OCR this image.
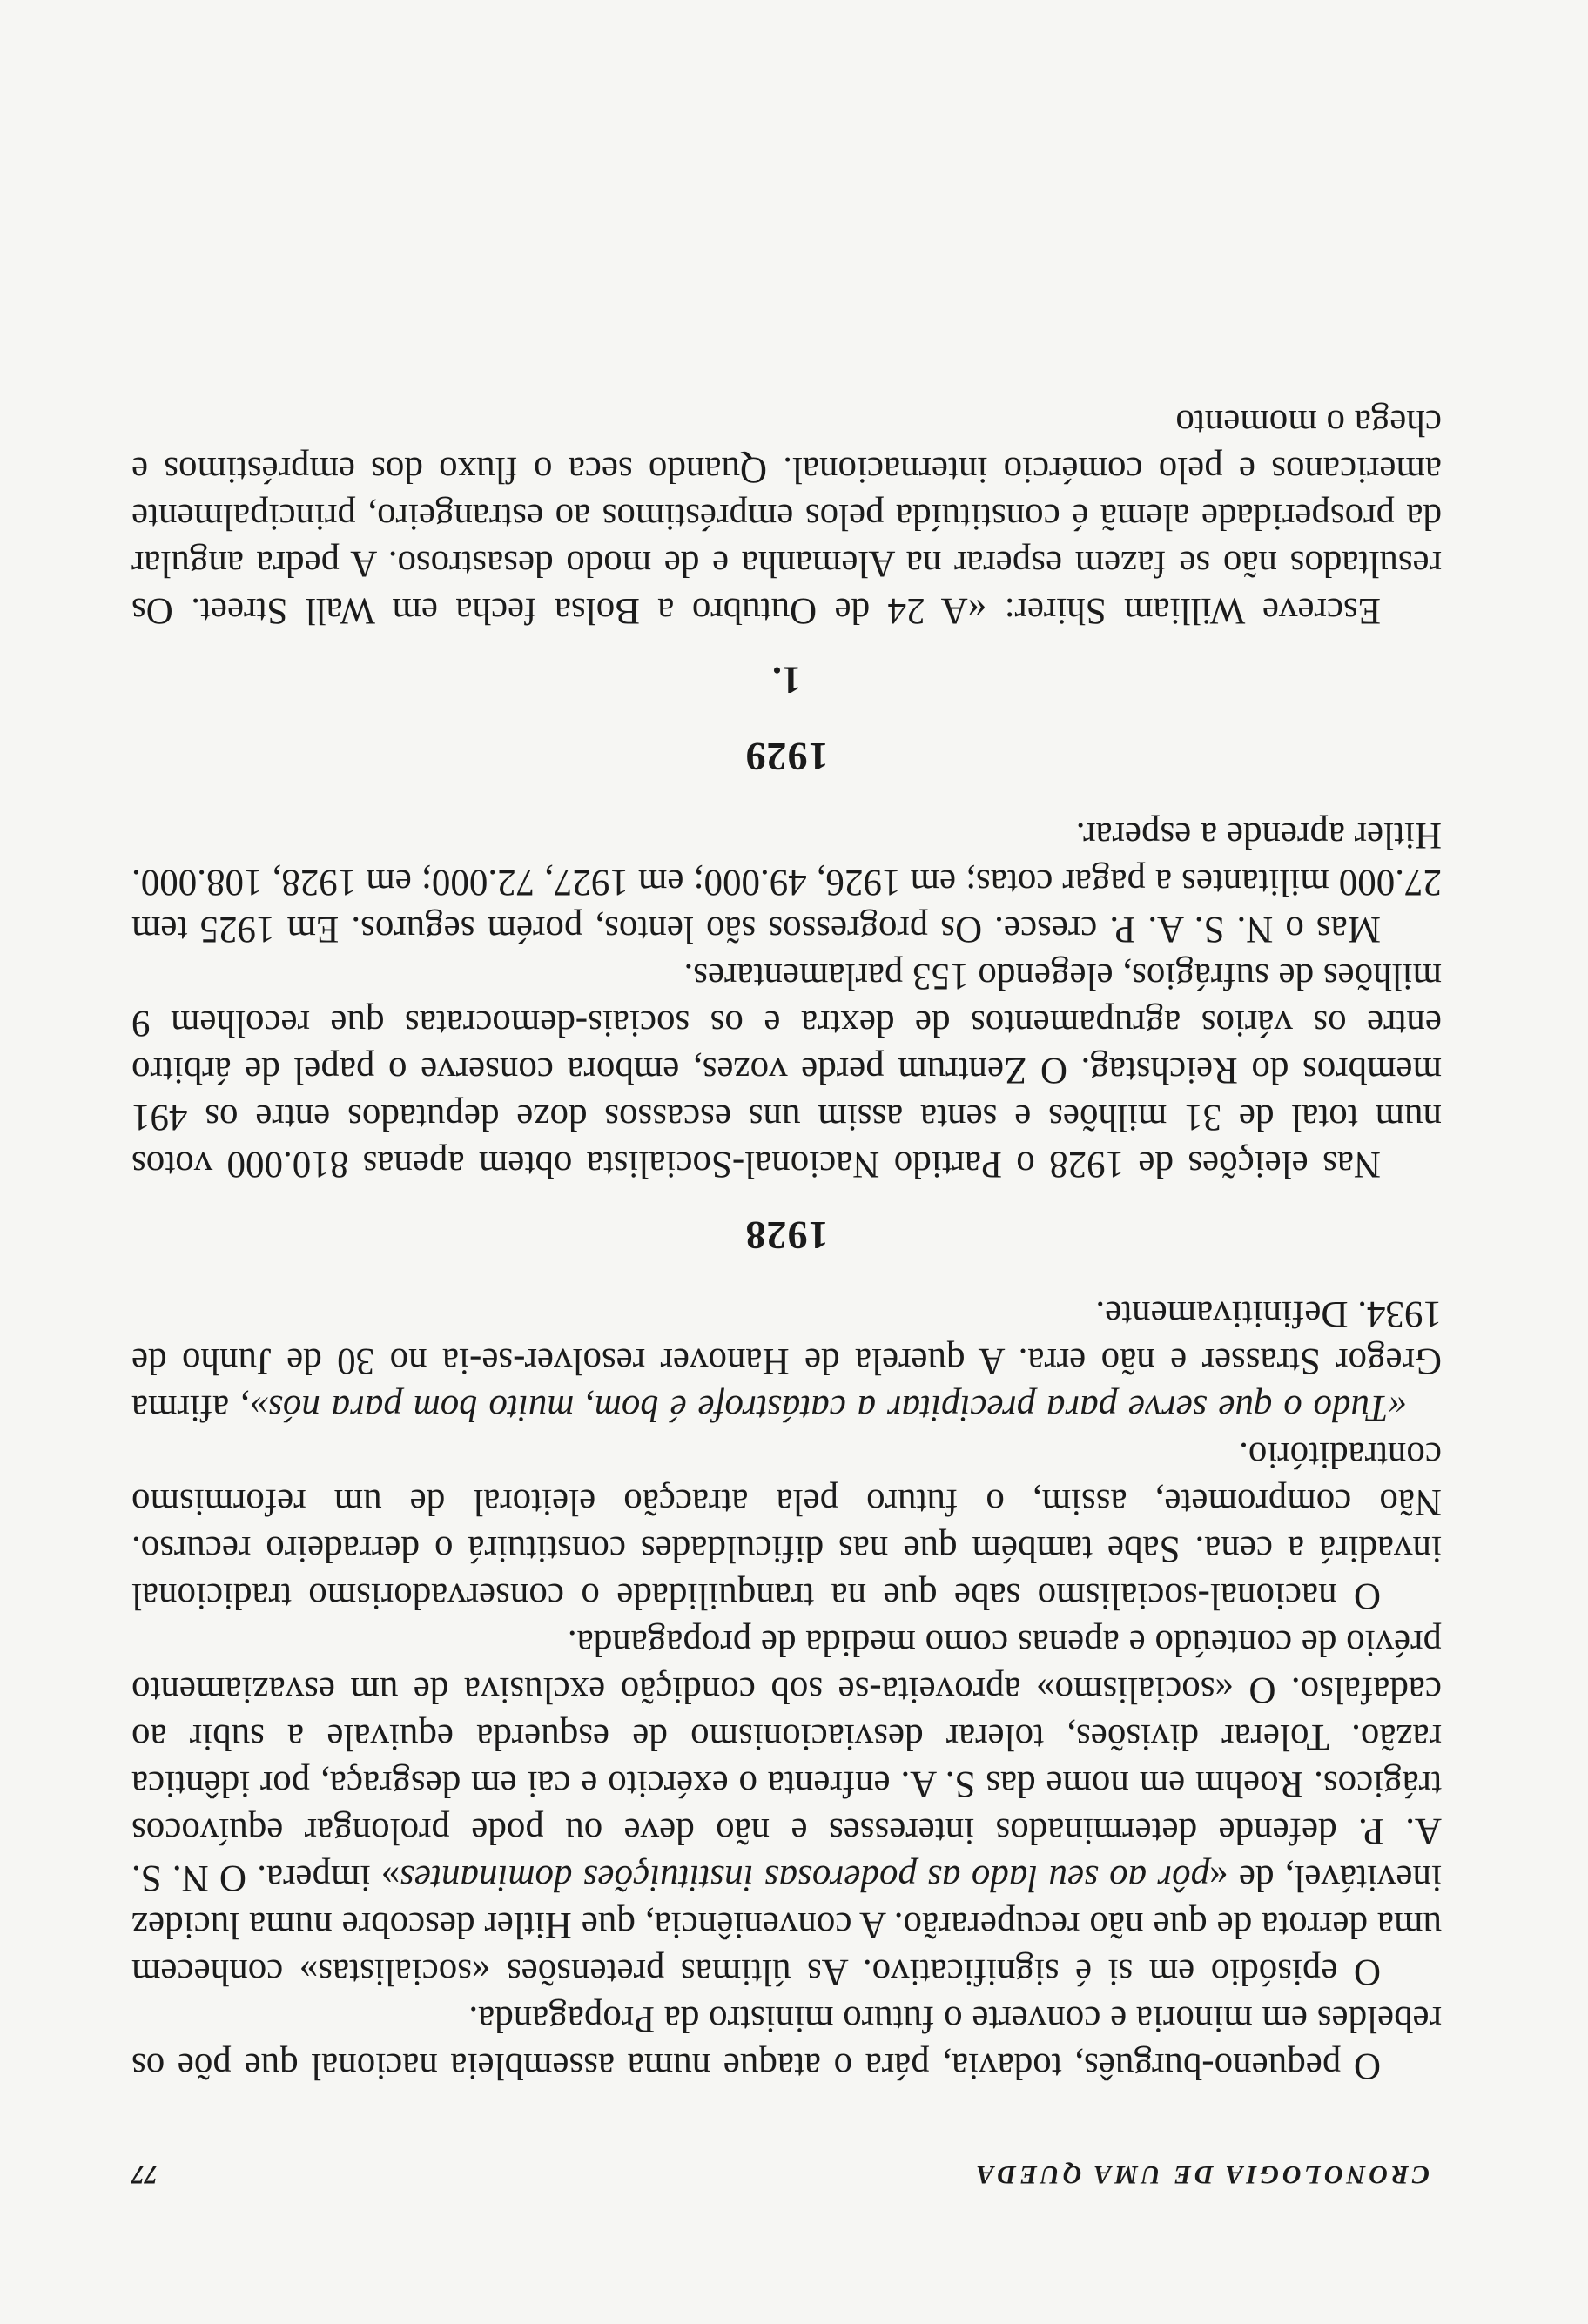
CRONOLOGIA DE UMA QUEDA
77

O pequeno-burguês, todavia, pára o ataque numa assembleia nacional que põe os rebeldes em minoria e converte o futuro ministro da Propaganda.

O episódio em si é significativo. As últimas pretensões «socialistas» conhecem uma derrota de que não recuperarão. A conveniência, que Hitler descobre numa lucidez inevitável, de «pôr ao seu lado as poderosas instituições dominantes» impera. O N. S. A. P. defende determinados interesses e não deve ou pode prolongar equívocos trágicos. Roehm em nome das S. A. enfrenta o exército e cai em desgraça, por idêntica razão. Tolerar divisões, tolerar desviacionismo de esquerda equivale a subir ao cadafalso. O «socialismo» aproveita-se sob condição exclusiva de um esvaziamento prévio de conteúdo e apenas como medida de propaganda.

O nacional-socialismo sabe que na tranquilidade o conservadorismo tradicional invadirá a cena. Sabe também que nas dificuldades constituirá o derradeiro recurso. Não compromete, assim, o futuro pela atracção eleitoral de um reformismo contraditório.

«Tudo o que serve para precipitar a catástrofe é bom, muito bom para nós», afirma Gregor Strasser e não erra. A querela de Hanover resolver-se-ia no 30 de Junho de 1934. Definitivamente.

1928

Nas eleições de 1928 o Partido Nacional-Socialista obtem apenas 810.000 votos num total de 31 milhões e senta assim uns escassos doze deputados entre os 491 membros do Reichstag. O Zentrum perde vozes, embora conserve o papel de árbitro entre os vários agrupamentos de dextra e os sociais-democratas que recolhem 9 milhões de sufrágios, elegendo 153 parlamentares.

Mas o N. S. A. P. cresce. Os progressos são lentos, porém seguros. Em 1925 tem 27.000 militantes a pagar cotas; em 1926, 49.000; em 1927, 72.000; em 1928, 108.000. Hitler aprende a esperar.

1929
1.

Escreve William Shirer: «A 24 de Outubro a Bolsa fecha em Wall Street. Os resultados não se fazem esperar na Alemanha e de modo desastroso. A pedra angular da prosperidade alemã é constituída pelos empréstimos ao estrangeiro, principalmente americanos e pelo comércio internacional. Quando seca o fluxo dos empréstimos e chega o momento
